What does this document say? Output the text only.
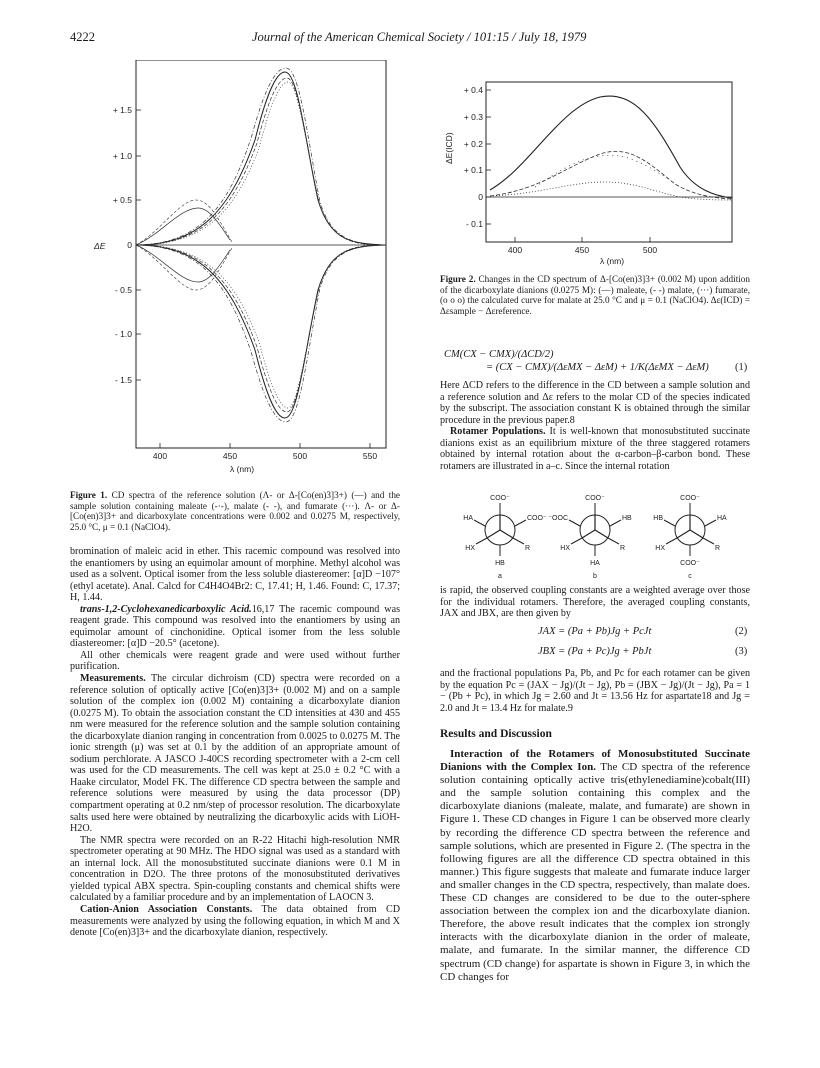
4222	Journal of the American Chemical Society / 101:15 / July 18, 1979
+ 1.5
+ 1.0
+ 0.5
0
- 0.5
- 1.0
- 1.5
400	450	500	550
ΔE
λ (nm)
Figure 1. CD spectra of the reference solution (Λ- or Δ-[Co(en)3]3+) (—) and the sample solution containing maleate (-·-), malate (- -), and fumarate (···). Λ- or Δ-[Co(en)3]3+ and dicarboxylate concentrations were 0.002 and 0.0275 M, respectively, 25.0 °C, μ = 0.1 (NaClO4).
+ 0.4
+ 0.3
+ 0.2
+ 0.1
0
- 0.1
400	450	500
ΔE(ICD)
λ (nm)
Figure 2. Changes in the CD spectrum of Δ-[Co(en)3]3+ (0.002 M) upon addition of the dicarboxylate dianions (0.0275 M): (—) maleate, (- -) malate, (···) fumarate, (o o o) the calculated curve for malate at 25.0 °C and μ = 0.1 (NaClO4). Δε(ICD) = Δεsample − Δεreference.

bromination of maleic acid in ether. This racemic compound was resolved into the enantiomers by using an equimolar amount of morphine. Methyl alcohol was used as a solvent. Optical isomer from the less soluble diastereomer: [α]D −107° (ethyl acetate). Anal. Calcd for C4H4O4Br2: C, 17.41; H, 1.46. Found: C, 17.37; H, 1.44.

trans-1,2-Cyclohexanedicarboxylic Acid.16,17 The racemic compound was reagent grade. This compound was resolved into the enantiomers by using an equimolar amount of cinchonidine. Optical isomer from the less soluble diastereomer: [α]D −20.5° (acetone).

All other chemicals were reagent grade and were used without further purification.

Measurements. The circular dichroism (CD) spectra were recorded on a reference solution of optically active [Co(en)3]3+ (0.002 M) and on a sample solution of the complex ion (0.002 M) containing a dicarboxylate dianion (0.0275 M). To obtain the association constant the CD intensities at 430 and 455 nm were measured for the reference solution and the sample solution containing the dicarboxylate dianion ranging in concentration from 0.0025 to 0.0275 M. The ionic strength (μ) was set at 0.1 by the addition of an appropriate amount of sodium perchlorate. A JASCO J-40CS recording spectrometer with a 2-cm cell was used for the CD measurements. The cell was kept at 25.0 ± 0.2 °C with a Haake circulator, Model FK. The difference CD spectra between the sample and reference solutions were measured by using the data processor (DP) compartment operating at 0.2 nm/step of processor resolution. The dicarboxylate salts used here were obtained by neutralizing the dicarboxylic acids with LiOH-H2O.

The NMR spectra were recorded on an R-22 Hitachi high-resolution NMR spectrometer operating at 90 MHz. The HDO signal was used as a standard with an internal lock. All the monosubstituted succinate dianions were 0.1 M in concentration in D2O. The three protons of the monosubstituted derivatives yielded typical ABX spectra. Spin-coupling constants and chemical shifts were calculated by a familiar procedure and by an implementation of LAOCN 3.

Cation-Anion Association Constants. The data obtained from CD measurements were analyzed by using the following equation, in which M and X denote [Co(en)3]3+ and the dicarboxylate dianion, respectively.

CM(CX − CMX)/(ΔCD/2)
= (CX − CMX)/(ΔεMX − ΔεM) + 1/K(ΔεMX − ΔεM)	(1)

Here ΔCD refers to the difference in the CD between a sample solution and a reference solution and Δε refers to the molar CD of the species indicated by the subscript. The association constant K is obtained through the similar procedure in the previous paper.8

Rotamer Populations. It is well-known that monosubstituted succinate dianions exist as an equilibrium mixture of the three staggered rotamers obtained by internal rotation about the α-carbon–β-carbon bond. These rotamers are illustrated in a–c. Since the internal rotation

COO⁻
HA	COO⁻
HX	R
HB
a
COO⁻
⁻OOC	HB
HX	R
HA
b
COO⁻
HB	HA
HX	R
COO⁻
c

is rapid, the observed coupling constants are a weighted average over those for the individual rotamers. Therefore, the averaged coupling constants, JAX and JBX, are then given by

JAX = (Pa + Pb)Jg + PcJt	(2)
JBX = (Pa + Pc)Jg + PbJt	(3)

and the fractional populations Pa, Pb, and Pc for each rotamer can be given by the equation Pc = (JAX − Jg)/(Jt − Jg), Pb = (JBX − Jg)/(Jt − Jg), Pa = 1 − (Pb + Pc), in which Jg = 2.60 and Jt = 13.56 Hz for aspartate18 and Jg = 2.0 and Jt = 13.4 Hz for malate.9

Results and Discussion

Interaction of the Rotamers of Monosubstituted Succinate Dianions with the Complex Ion. The CD spectra of the reference solution containing optically active tris(ethylenediamine)cobalt(III) and the sample solution containing this complex and the dicarboxylate dianions (maleate, malate, and fumarate) are shown in Figure 1. These CD changes in Figure 1 can be observed more clearly by recording the difference CD spectra between the reference and sample solutions, which are presented in Figure 2. (The spectra in the following figures are all the difference CD spectra obtained in this manner.) This figure suggests that maleate and fumarate induce larger and smaller changes in the CD spectra, respectively, than malate does. These CD changes are considered to be due to the outer-sphere association between the complex ion and the dicarboxylate dianion. Therefore, the above result indicates that the complex ion strongly interacts with the dicarboxylate dianion in the order of maleate, malate, and fumarate. In the similar manner, the difference CD spectrum (CD change) for aspartate is shown in Figure 3, in which the CD changes for
